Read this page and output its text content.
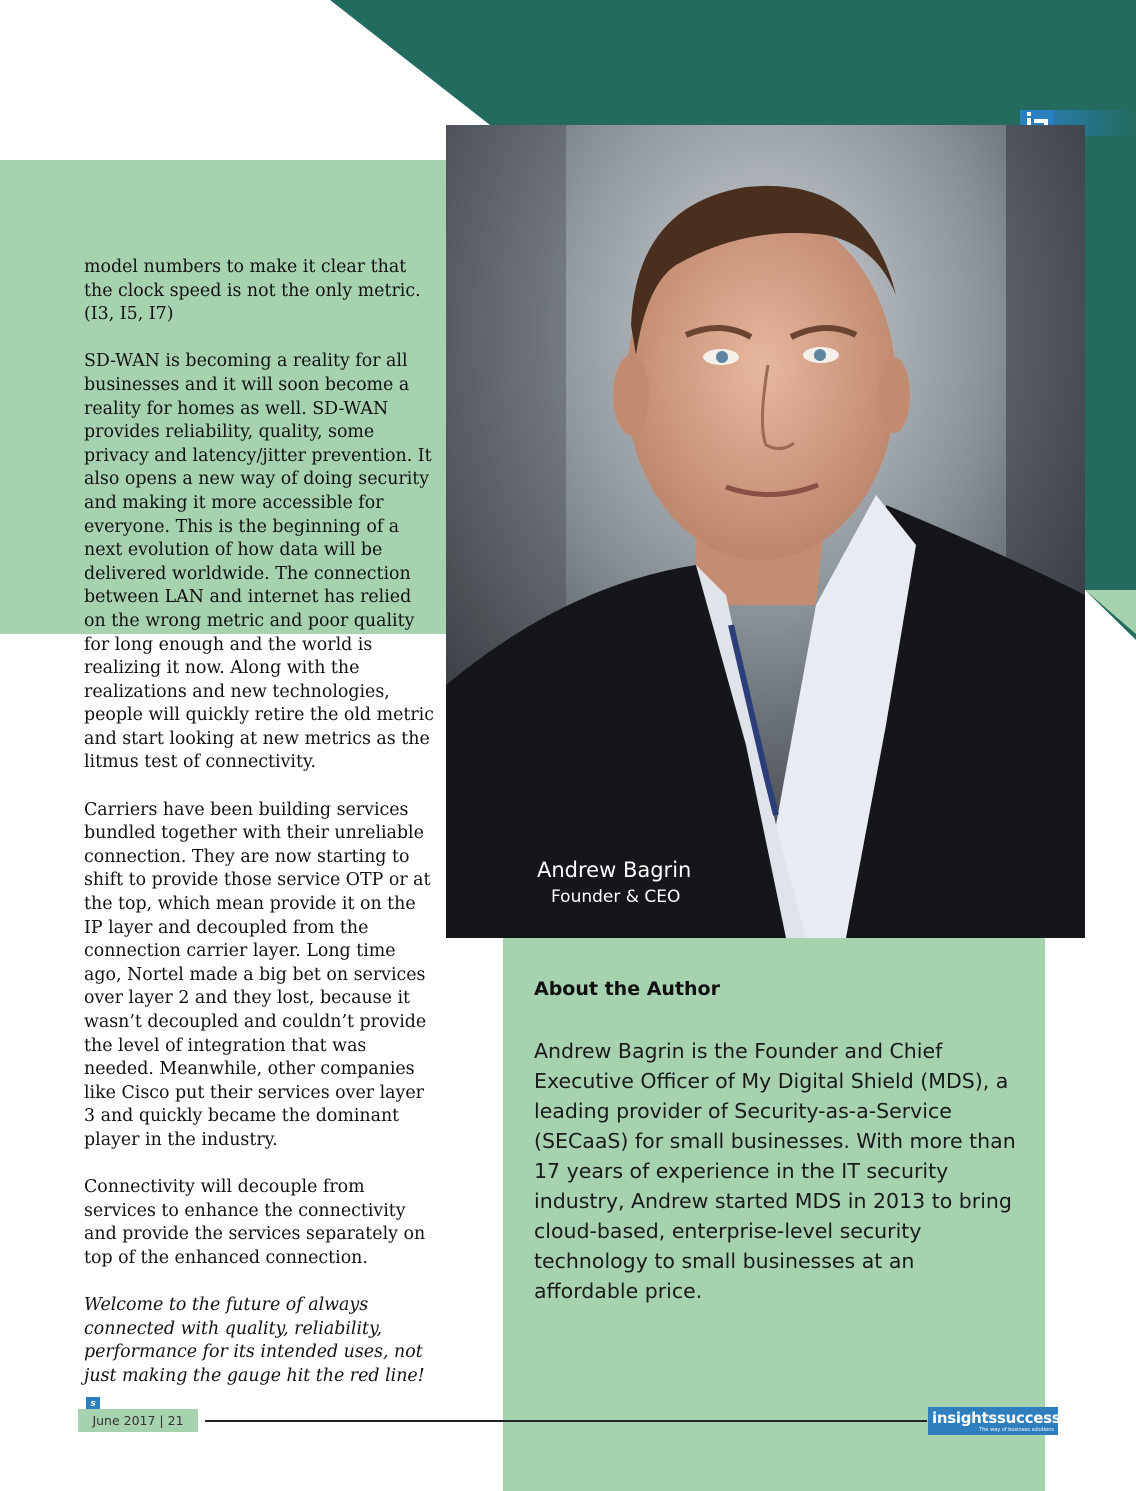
Andrew Bagrin
Founder & CEO

model numbers to make it clear that the clock speed is not the only metric. (I3, I5, I7)

SD-WAN is becoming a reality for all businesses and it will soon become a reality for homes as well. SD-WAN provides reliability, quality, some privacy and latency/jitter prevention. It also opens a new way of doing security and making it more accessible for everyone. This is the beginning of a next evolution of how data will be delivered worldwide. The connection between LAN and internet has relied on the wrong metric and poor quality for long enough and the world is realizing it now. Along with the realizations and new technologies, people will quickly retire the old metric and start looking at new metrics as the litmus test of connectivity.

Carriers have been building services bundled together with their unreliable connection. They are now starting to shift to provide those service OTP or at the top, which mean provide it on the IP layer and decoupled from the connection carrier layer. Long time ago, Nortel made a big bet on services over layer 2 and they lost, because it wasn’t decoupled and couldn’t provide the level of integration that was needed. Meanwhile, other companies like Cisco put their services over layer 3 and quickly became the dominant player in the industry.

Connectivity will decouple from services to enhance the connectivity and provide the services separately on top of the enhanced connection.

Welcome to the future of always connected with quality, reliability, performance for its intended uses, not just making the gauge hit the red line! ꜱ

About the Author
Andrew Bagrin is the Founder and Chief Executive Officer of My Digital Shield (MDS), a leading provider of Security-as-a-Service (SECaaS) for small businesses. With more than 17 years of experience in the IT security industry, Andrew started MDS in 2013 to bring cloud-based, enterprise-level security technology to small businesses at an affordable price.
June 2017 | 21	insightssuccess
The way of business solutions
